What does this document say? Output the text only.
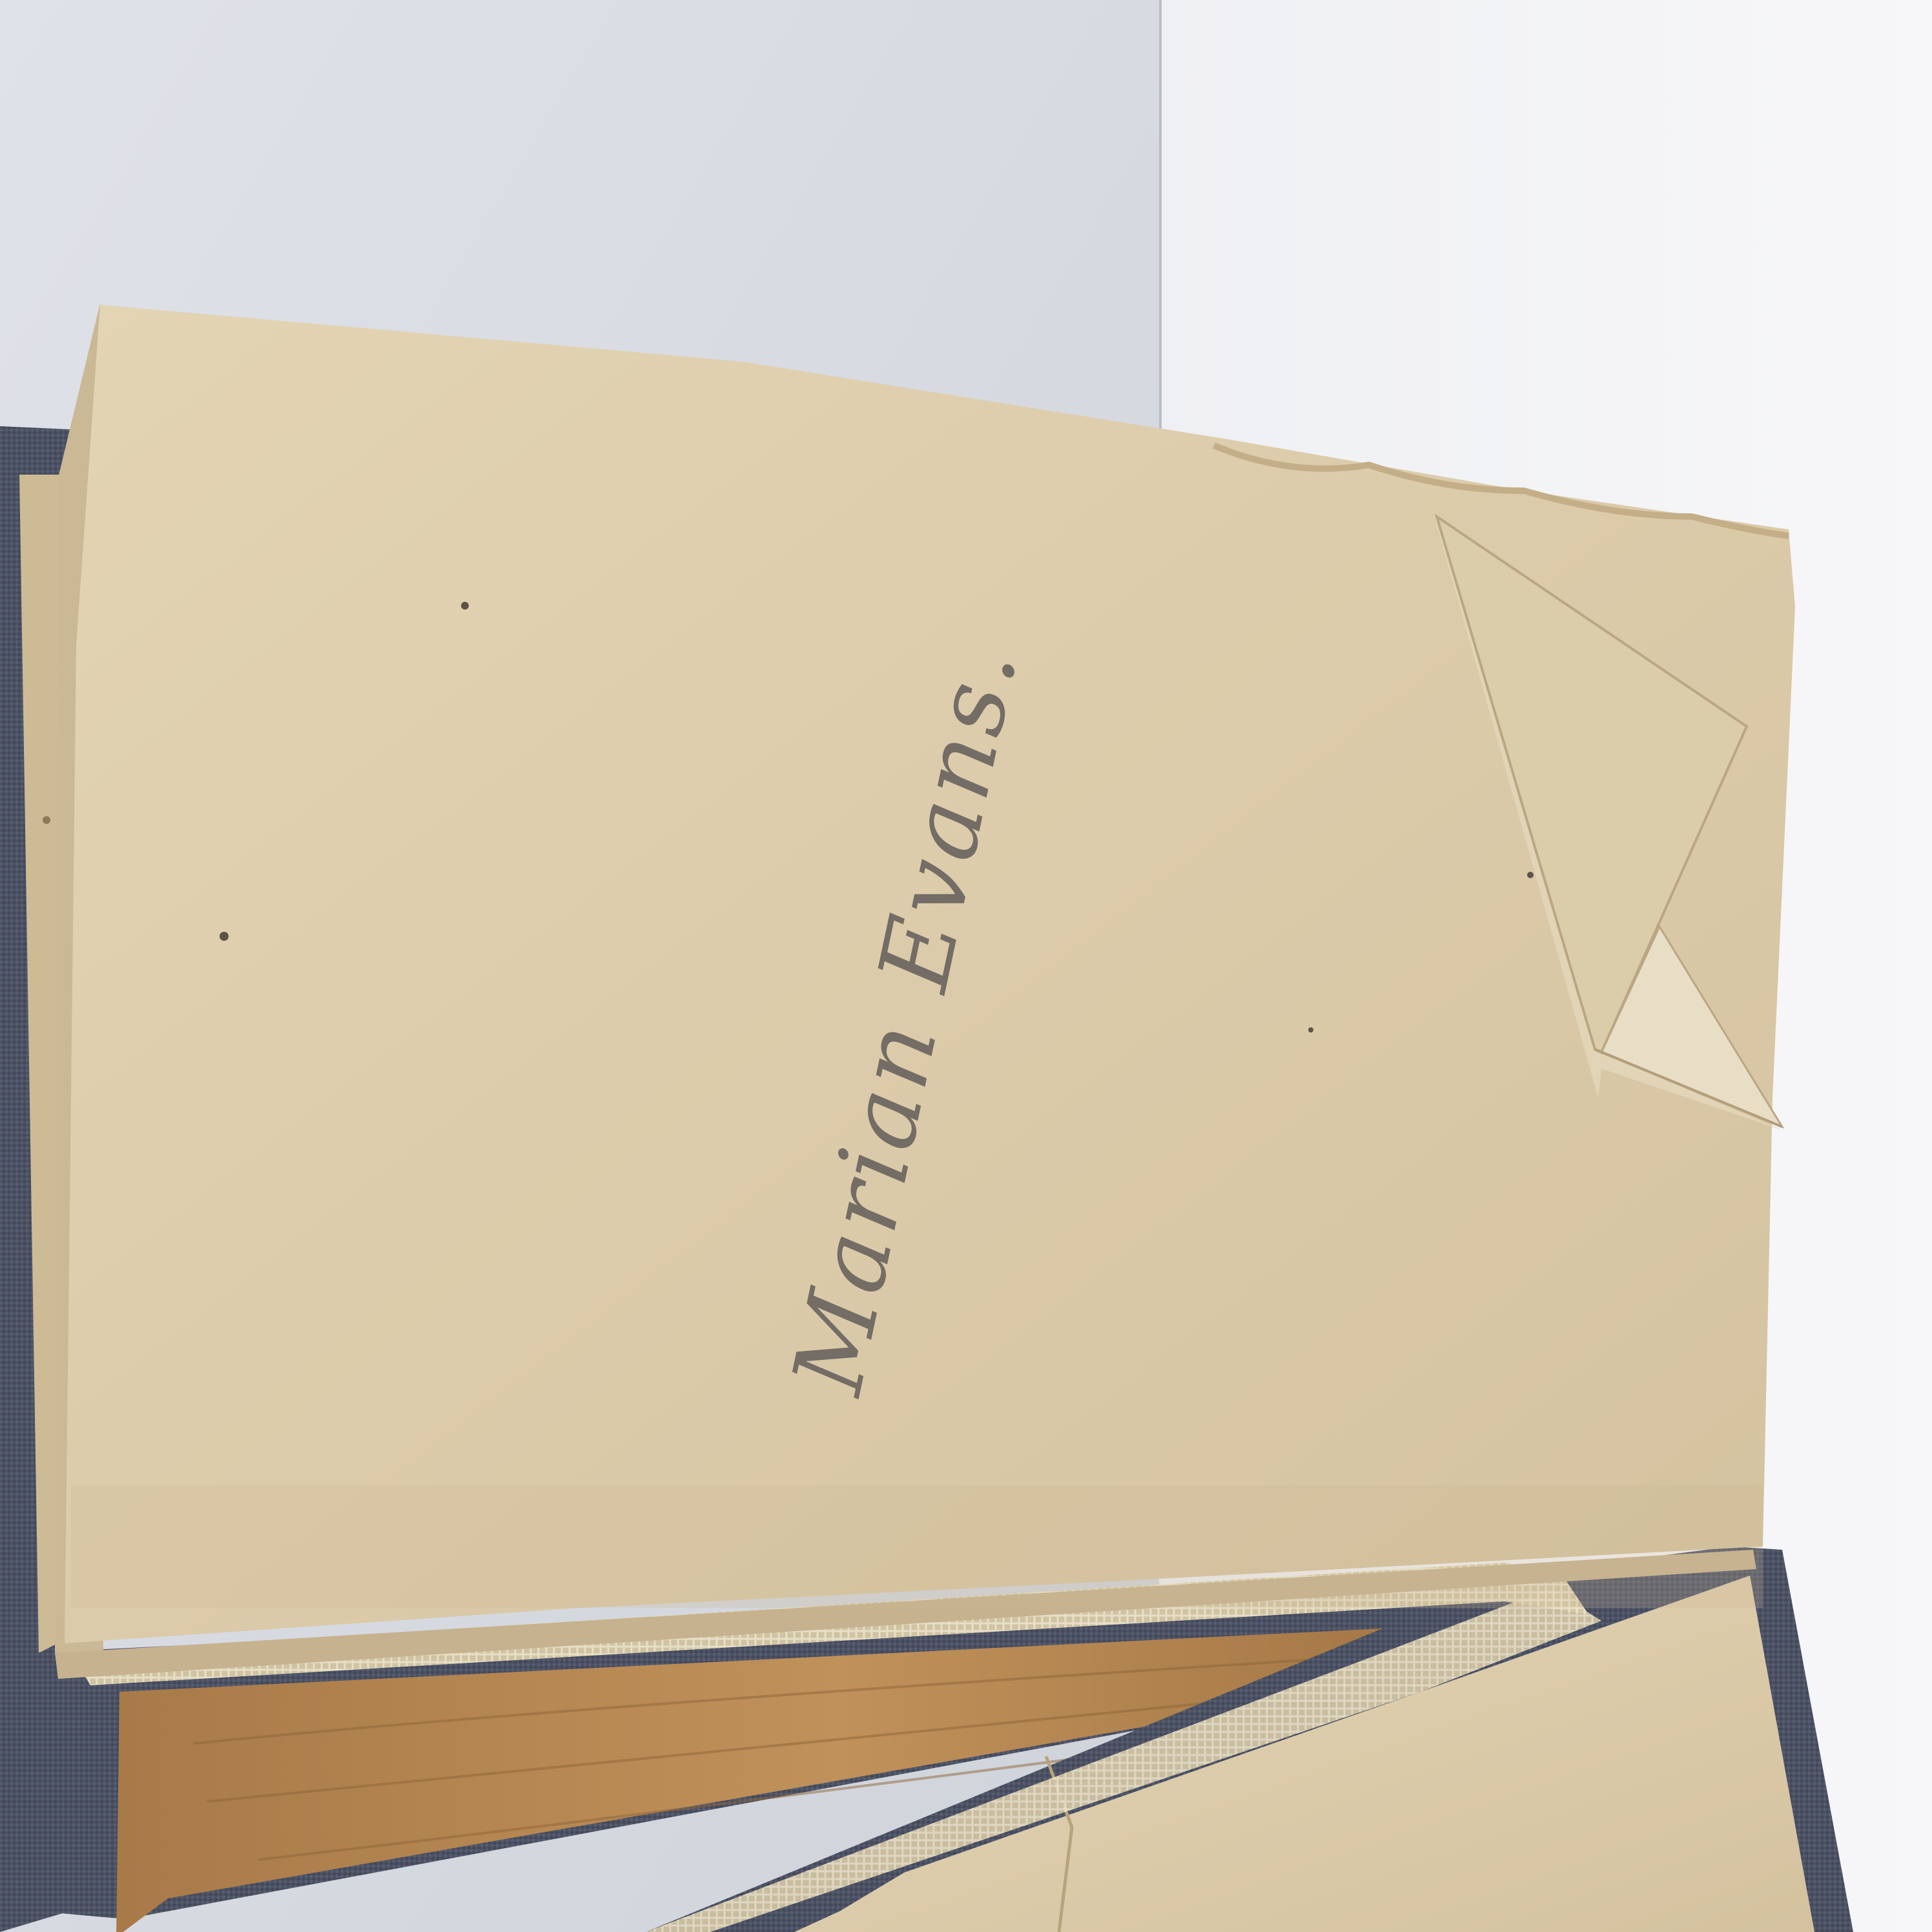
Marian Evans.
